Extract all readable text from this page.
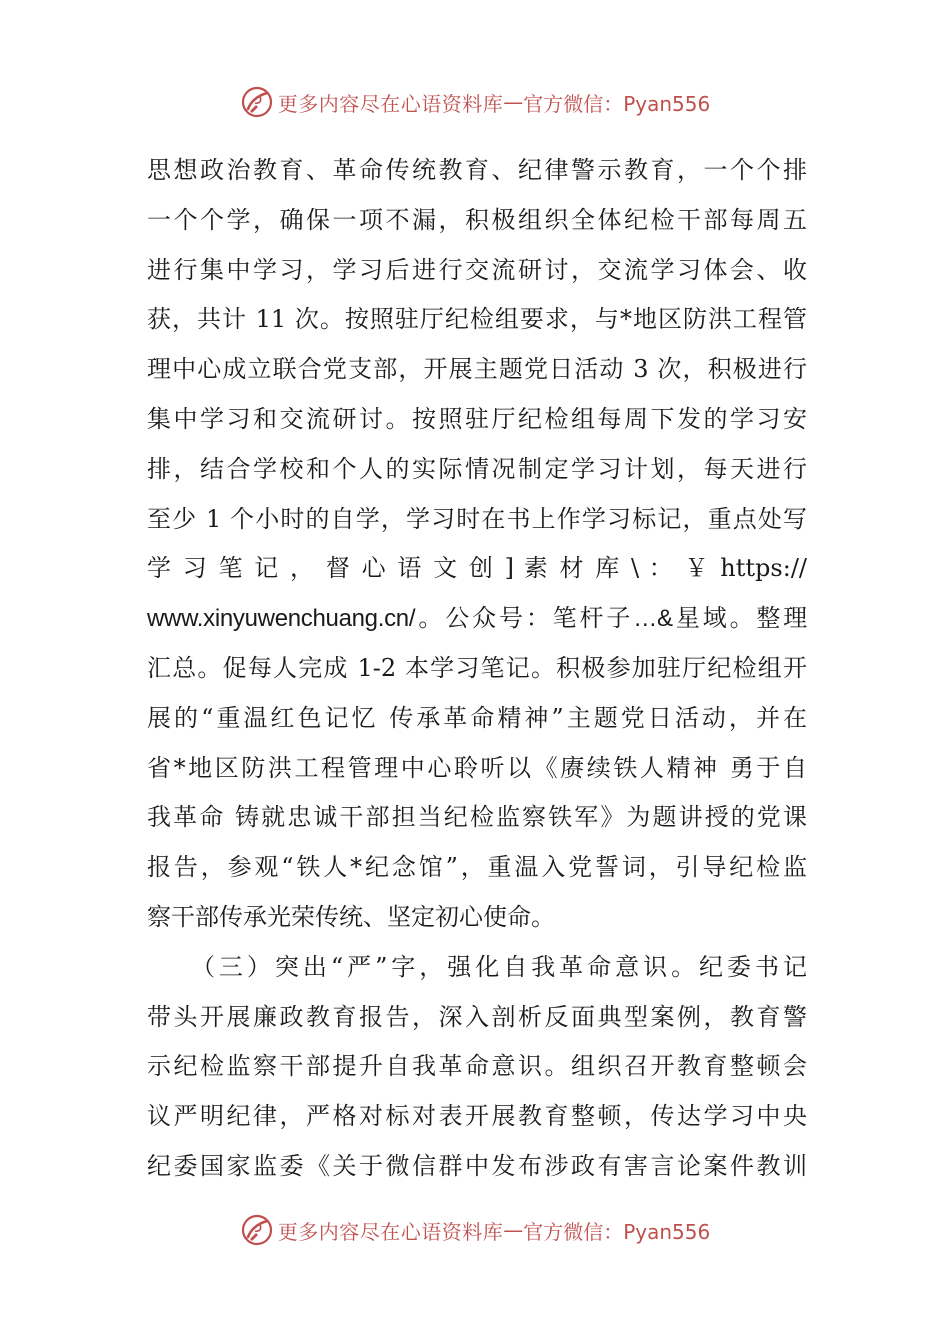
更多内容尽在心语资料库 — 官方微信：Pyan556
思想政治教育、革命传统教育、纪律警示教育，一个个排
一个个学，确保一项不漏，积极组织全体纪检干部每周五
进行集中学习，学习后进行交流研讨，交流学习体会、收
获，共计 11 次。按照驻厅纪检组要求，与*地区防洪工程管
理中心成立联合党支部，开展主题党日活动 3 次，积极进行
集中学习和交流研讨。按照驻厅纪检组每周下发的学习安
排，结合学校和个人的实际情况制定学习计划，每天进行
至少 1 个小时的自学，学习时在书上作学习标记，重点处写
学 习 笔 记 ， 督 心 语 文 创 ] 素 材 库 \ ： ￥ https://
www.xinyuwenchuang.cn/。公众号：笔杆子…&星域。整理
汇总。促每人完成 1-2 本学习笔记。积极参加驻厅纪检组开
展的“重温红色记忆 传承革命精神”主题党日活动，并在
省*地区防洪工程管理中心聆听以《赓续铁人精神 勇于自
我革命 铸就忠诚干部担当纪检监察铁军》为题讲授的党课
报告，参观“铁人*纪念馆”，重温入党誓词，引导纪检监
察干部传承光荣传统、坚定初心使命。
　　（三）突出“严”字，强化自我革命意识。纪委书记
带头开展廉政教育报告，深入剖析反面典型案例，教育警
示纪检监察干部提升自我革命意识。组织召开教育整顿会
议严明纪律，严格对标对表开展教育整顿，传达学习中央
纪委国家监委《关于微信群中发布涉政有害言论案件教训
更多内容尽在心语资料库 — 官方微信：Pyan556
